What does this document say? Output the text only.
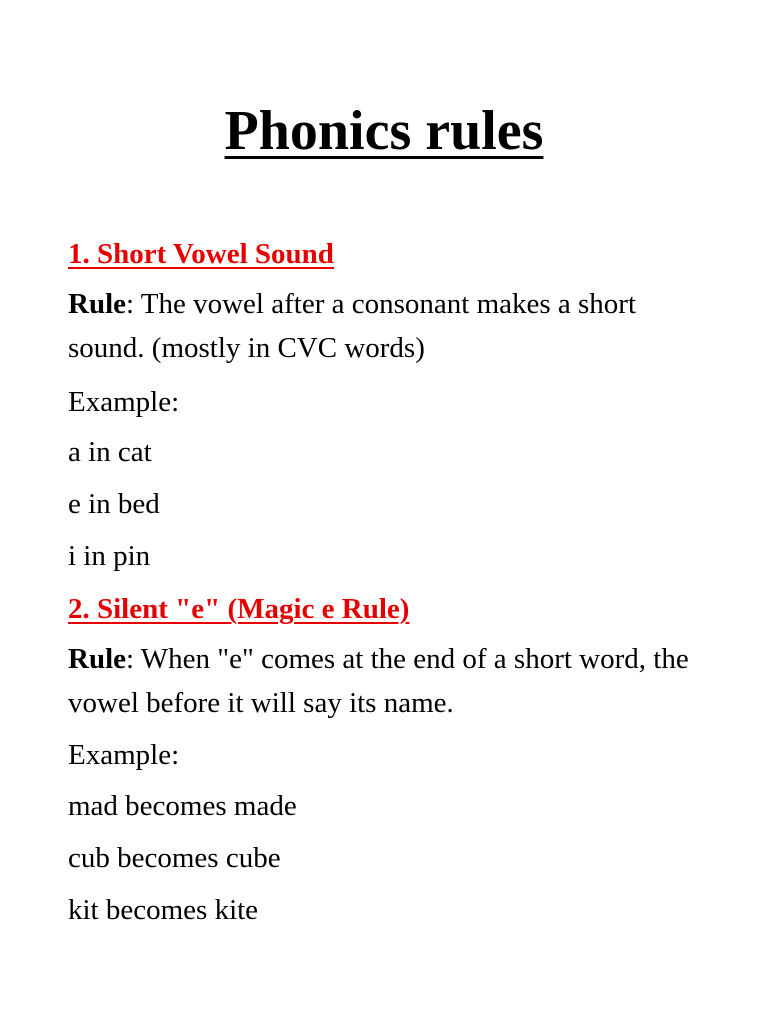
Phonics rules
1. Short Vowel Sound

Rule: The vowel after a consonant makes a short sound. (mostly in CVC words)

Example:

a in cat

e in bed

i in pin

2. Silent "e" (Magic e Rule)

Rule: When "e" comes at the end of a short word, the vowel before it will say its name.

Example:

mad becomes made

cub becomes cube

kit becomes kite
